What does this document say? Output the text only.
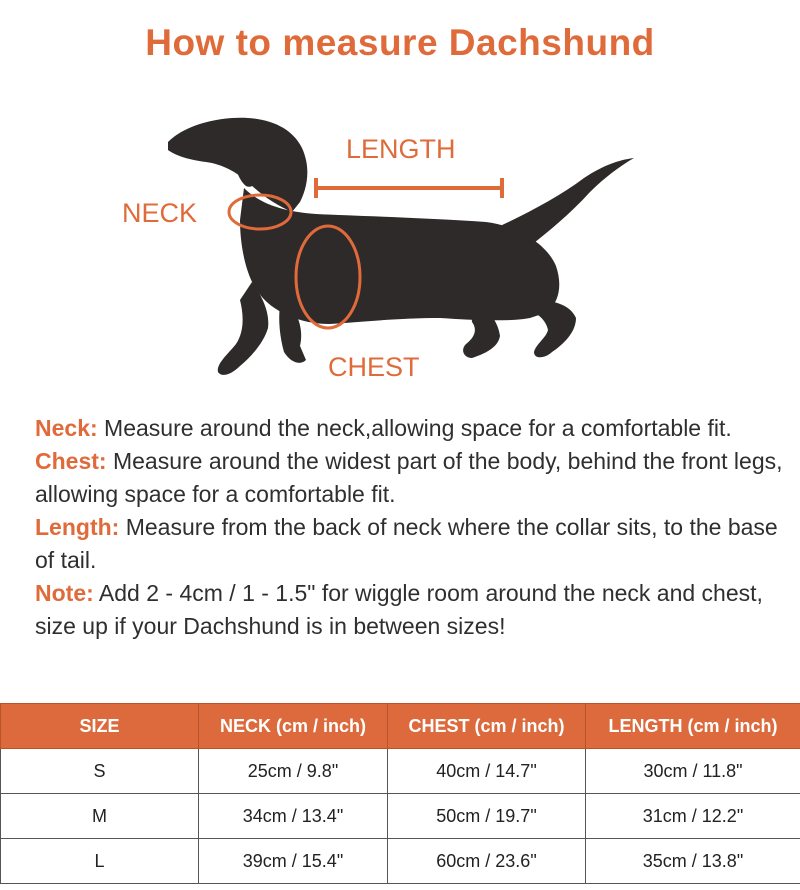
How to measure Dachshund
LENGTH
NECK
CHEST

Neck: Measure around the neck,allowing space for a comfortable fit.

Chest: Measure around the widest part of the body, behind the front legs, allowing space for a comfortable fit.

Length: Measure from the back of neck where the collar sits, to the base of tail.

Note: Add 2 - 4cm / 1 - 1.5" for wiggle room around the neck and chest, size up if your Dachshund is in between sizes!

SIZE	NECK (cm / inch)	CHEST (cm / inch)	LENGTH (cm / inch)
S	25cm / 9.8"	40cm / 14.7"	30cm / 11.8"
M	34cm / 13.4"	50cm / 19.7"	31cm / 12.2"
L	39cm / 15.4"	60cm / 23.6"	35cm / 13.8"
